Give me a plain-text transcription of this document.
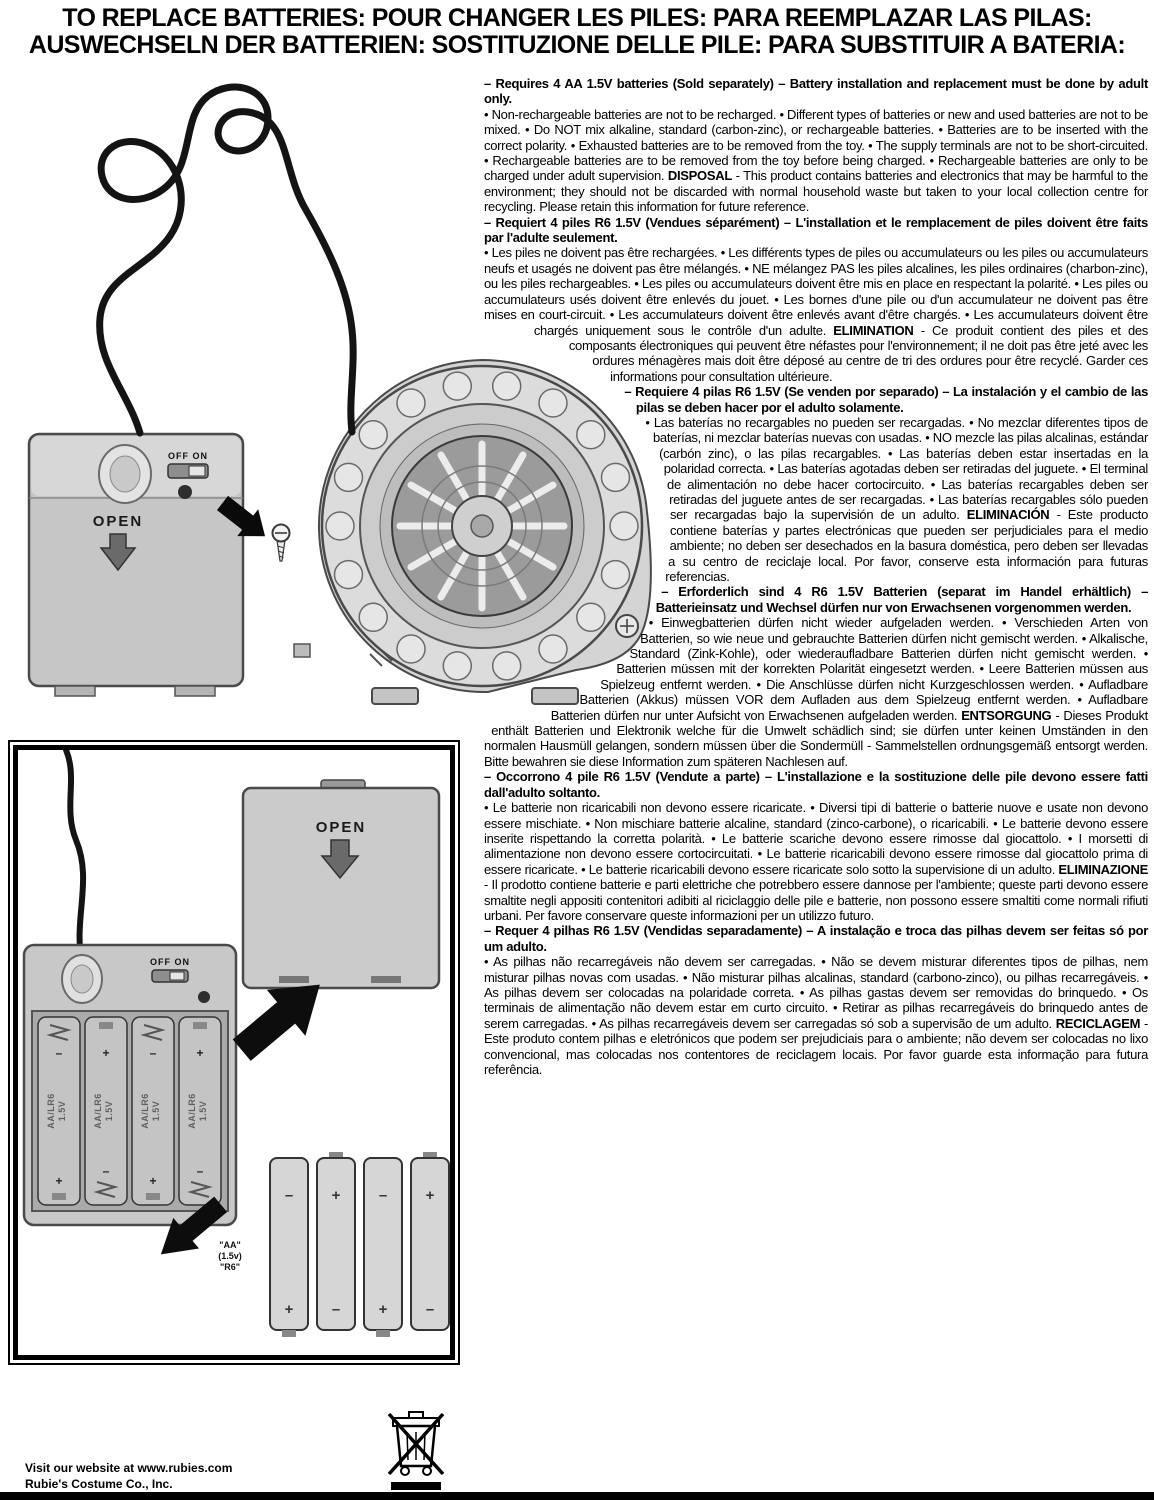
TO REPLACE BATTERIES: POUR CHANGER LES PILES: PARA REEMPLAZAR LAS PILAS:
AUSWECHSELN DER BATTERIEN: SOSTITUZIONE DELLE PILE: PARA SUBSTITUIR A BATERIA:
OFF ON
OPEN

– Requires 4 AA 1.5V batteries (Sold separately) – Battery installation and replacement must be done by adult only.
• Non-rechargeable batteries are not to be recharged. • Different types of batteries or new and used batteries are not to be mixed. • Do NOT mix alkaline, standard (carbon-zinc), or rechargeable batteries. • Batteries are to be inserted with the correct polarity. • Exhausted batteries are to be removed from the toy. • The supply terminals are not to be short-circuited. • Rechargeable batteries are to be removed from the toy before being charged. • Rechargeable batteries are only to be charged under adult supervision. DISPOSAL - This product contains batteries and electronics that may be harmful to the environment; they should not be discarded with normal household waste but taken to your local collection centre for recycling. Please retain this information for future reference.

– Requiert 4 piles R6 1.5V (Vendues séparément) – L'installation et le remplacement de piles doivent être faits par l'adulte seulement.
• Les piles ne doivent pas être rechargées. • Les différents types de piles ou accumulateurs ou les piles ou accumulateurs neufs et usagés ne doivent pas être mélangés. • NE mélangez PAS les piles alcalines, les piles ordinaires (charbon-zinc), ou les piles rechargeables. • Les piles ou accumulateurs doivent être mis en place en respectant la polarité. • Les piles ou accumulateurs usés doivent être enlevés du jouet. • Les bornes d'une pile ou d'un accumulateur ne doivent pas être mises en court-circuit. • Les accumulateurs doivent être enlevés avant d'être chargés. • Les accumulateurs doivent être chargés uniquement sous le contrôle d'un adulte. ELIMINATION - Ce produit contient des piles et des composants électroniques qui peuvent être néfastes pour l'environnement; il ne doit pas être jeté avec les ordures ménagères mais doit être déposé au centre de tri des ordures pour être recyclé. Garder ces informations pour consultation ultérieure.

– Requiere 4 pilas R6 1.5V (Se venden por separado) – La instalación y el cambio de las pilas se deben hacer por el adulto solamente.
• Las baterías no recargables no pueden ser recargadas. • No mezclar diferentes tipos de baterías, ni mezclar baterías nuevas con usadas. • NO mezcle las pilas alcalinas, estándar (carbón zinc), o las pilas recargables. • Las baterías deben estar insertadas en la polaridad correcta. • Las baterías agotadas deben ser retiradas del juguete. • El terminal de alimentación no debe hacer cortocircuito. • Las baterías recargables deben ser retiradas del juguete antes de ser recargadas. • Las baterías recargables sólo pueden ser recargadas bajo la supervisión de un adulto. ELIMINACIÓN - Este producto contiene baterías y partes electrónicas que pueden ser perjudiciales para el medio ambiente; no deben ser desechados en la basura doméstica, pero deben ser llevadas a su centro de reciclaje local. Por favor, conserve esta información para futuras referencias.

– Erforderlich sind 4 R6 1.5V Batterien (separat im Handel erhältlich) – Batterieinsatz und Wechsel dürfen nur von Erwachsenen vorgenommen werden.
• Einwegbatterien dürfen nicht wieder aufgeladen werden. • Verschieden Arten von Batterien, so wie neue und gebrauchte Batterien dürfen nicht gemischt werden. • Alkalische, Standard (Zink-Kohle), oder wiederaufladbare Batterien dürfen nicht gemischt werden. • Batterien müssen mit der korrekten Polarität eingesetzt werden. • Leere Batterien müssen aus Spielzeug entfernt werden. • Die Anschlüsse dürfen nicht Kurzgeschlossen werden. • Aufladbare Batterien (Akkus) müssen VOR dem Aufladen aus dem Spielzeug entfernt werden. • Aufladbare Batterien dürfen nur unter Aufsicht von Erwachsenen aufgeladen werden. ENTSORGUNG - Dieses Produkt enthält Batterien und Elektronik welche für die Umwelt schädlich sind; sie dürfen unter keinen Umständen in den normalen Hausmüll gelangen, sondern müssen über die Sondermüll - Sammelstellen ordnungsgemäß entsorgt werden. Bitte bewahren sie diese Information zum späteren Nachlesen auf.

– Occorrono 4 pile R6 1.5V (Vendute a parte) – L'installazione e la sostituzione delle pile devono essere fatti dall'adulto soltanto.
• Le batterie non ricaricabili non devono essere ricaricate. • Diversi tipi di batterie o batterie nuove e usate non devono essere mischiate. • Non mischiare batterie alcaline, standard (zinco-carbone), o ricaricabili. • Le batterie devono essere inserite rispettando la corretta polarità. • Le batterie scariche devono essere rimosse dal giocattolo. • I morsetti di alimentazione non devono essere cortocircuitati. • Le batterie ricaricabili devono essere rimosse dal giocattolo prima di essere ricaricate. • Le batterie ricaricabili devono essere ricaricate solo sotto la supervisione di un adulto. ELIMINAZIONE - Il prodotto contiene batterie e parti elettriche che potrebbero essere dannose per l'ambiente; queste parti devono essere smaltite negli appositi contenitori adibiti al riciclaggio delle pile e batterie, non possono essere smaltiti come normali rifiuti urbani. Per favore conservare queste informazioni per un utilizzo futuro.

– Requer 4 pilhas R6 1.5V (Vendidas separadamente) – A instalação e troca das pilhas devem ser feitas só por um adulto.
• As pilhas não recarregáveis não devem ser carregadas. • Não se devem misturar diferentes tipos de pilhas, nem misturar pilhas novas com usadas. • Não misturar pilhas alcalinas, standard (carbono-zinco), ou pilhas recarregáveis. • As pilhas devem ser colocadas na polaridade correta. • As pilhas gastas devem ser removidas do brinquedo. • Os terminais de alimentação não devem estar em curto circuito. • Retirar as pilhas recarregáveis do brinquedo antes de serem carregadas. • As pilhas recarregáveis devem ser carregadas só sob a supervisão de um adulto. RECICLAGEM - Este produto contem pilhas e eletrónicos que podem ser prejudiciais para o ambiente; não devem ser colocadas no lixo convencional, mas colocadas nos contentores de reciclagem locais. Por favor guarde esta informação para futura referência.

OPEN
OFF ON
–
AA/LR6 1.5V
+
+
AA/LR6 1.5V
–
–
AA/LR6 1.5V
+
+
AA/LR6 1.5V
–
"AA"
(1.5v)
"R6"
–
+
+
–
–
+
+
–
Visit our website at www.rubies.com
Rubie's Costume Co., Inc.
